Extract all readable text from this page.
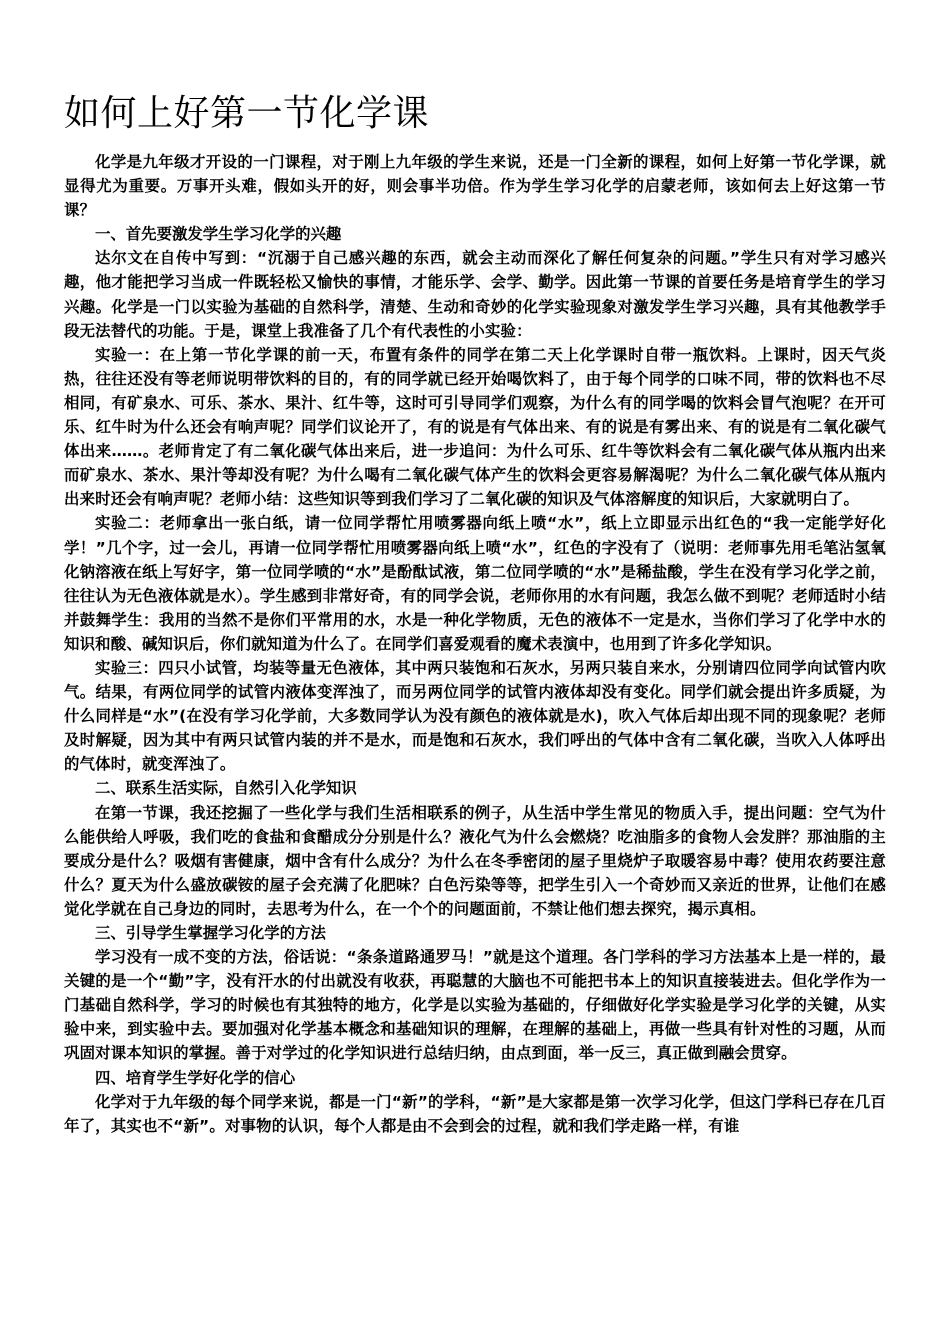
如何上好第一节化学课

化学是九年级才开设的一门课程，对于刚上九年级的学生来说，还是一门全新的课程，如何上好第一节化学课，就显得尤为重要。万事开头难，假如头开的好，则会事半功倍。作为学生学习化学的启蒙老师，该如何去上好这第一节课？

一、首先要激发学生学习化学的兴趣

达尔文在自传中写到：“沉溺于自己感兴趣的东西，就会主动而深化了解任何复杂的问题。”学生只有对学习感兴趣，他才能把学习当成一件既轻松又愉快的事情，才能乐学、会学、勤学。因此第一节课的首要任务是培育学生的学习兴趣。化学是一门以实验为基础的自然科学，清楚、生动和奇妙的化学实验现象对激发学生学习兴趣，具有其他教学手段无法替代的功能。于是，课堂上我准备了几个有代表性的小实验：

实验一：在上第一节化学课的前一天，布置有条件的同学在第二天上化学课时自带一瓶饮料。上课时，因天气炎热，往往还没有等老师说明带饮料的目的，有的同学就已经开始喝饮料了，由于每个同学的口味不同，带的饮料也不尽相同，有矿泉水、可乐、茶水、果汁、红牛等，这时可引导同学们观察，为什么有的同学喝的饮料会冒气泡呢？在开可乐、红牛时为什么还会有响声呢？同学们议论开了，有的说是有气体出来、有的说是有雾出来、有的说是有二氧化碳气体出来……。老师肯定了有二氧化碳气体出来后，进一步追问：为什么可乐、红牛等饮料会有二氧化碳气体从瓶内出来而矿泉水、茶水、果汁等却没有呢？为什么喝有二氧化碳气体产生的饮料会更容易解渴呢？为什么二氧化碳气体从瓶内出来时还会有响声呢？老师小结：这些知识等到我们学习了二氧化碳的知识及气体溶解度的知识后，大家就明白了。

实验二：老师拿出一张白纸，请一位同学帮忙用喷雾器向纸上喷“水”，纸上立即显示出红色的“我一定能学好化学！”几个字，过一会儿，再请一位同学帮忙用喷雾器向纸上喷“水”，红色的字没有了（说明：老师事先用毛笔沾氢氧化钠溶液在纸上写好字，第一位同学喷的“水”是酚酞试液，第二位同学喷的“水”是稀盐酸，学生在没有学习化学之前，往往认为无色液体就是水）。学生感到非常好奇，有的同学会说，老师你用的水有问题，我怎么做不到呢？老师适时小结并鼓舞学生：我用的当然不是你们平常用的水，水是一种化学物质，无色的液体不一定是水，当你们学习了化学中水的知识和酸、碱知识后，你们就知道为什么了。在同学们喜爱观看的魔术表演中，也用到了许多化学知识。

实验三：四只小试管，均装等量无色液体，其中两只装饱和石灰水，另两只装自来水，分别请四位同学向试管内吹气。结果，有两位同学的试管内液体变浑浊了，而另两位同学的试管内液体却没有变化。同学们就会提出许多质疑，为什么同样是“水”(在没有学习化学前，大多数同学认为没有颜色的液体就是水)，吹入气体后却出现不同的现象呢？老师及时解疑，因为其中有两只试管内装的并不是水，而是饱和石灰水，我们呼出的气体中含有二氧化碳，当吹入人体呼出的气体时，就变浑浊了。

二、联系生活实际，自然引入化学知识

在第一节课，我还挖掘了一些化学与我们生活相联系的例子，从生活中学生常见的物质入手，提出问题：空气为什么能供给人呼吸，我们吃的食盐和食醋成分分别是什么？液化气为什么会燃烧？吃油脂多的食物人会发胖？那油脂的主要成分是什么？吸烟有害健康，烟中含有什么成分？为什么在冬季密闭的屋子里烧炉子取暖容易中毒？使用农药要注意什么？夏天为什么盛放碳铵的屋子会充满了化肥味？白色污染等等，把学生引入一个奇妙而又亲近的世界，让他们在感觉化学就在自己身边的同时，去思考为什么，在一个个的问题面前，不禁让他们想去探究，揭示真相。

三、引导学生掌握学习化学的方法

学习没有一成不变的方法，俗话说：“条条道路通罗马！”就是这个道理。各门学科的学习方法基本上是一样的，最关键的是一个“勤”字，没有汗水的付出就没有收获，再聪慧的大脑也不可能把书本上的知识直接装进去。但化学作为一门基础自然科学，学习的时候也有其独特的地方，化学是以实验为基础的，仔细做好化学实验是学习化学的关键，从实验中来，到实验中去。要加强对化学基本概念和基础知识的理解，在理解的基础上，再做一些具有针对性的习题，从而巩固对课本知识的掌握。善于对学过的化学知识进行总结归纳，由点到面，举一反三，真正做到融会贯穿。

四、培育学生学好化学的信心

化学对于九年级的每个同学来说，都是一门“新”的学科，“新”是大家都是第一次学习化学，但这门学科已存在几百年了，其实也不“新”。对事物的认识，每个人都是由不会到会的过程，就和我们学走路一样，有谁
